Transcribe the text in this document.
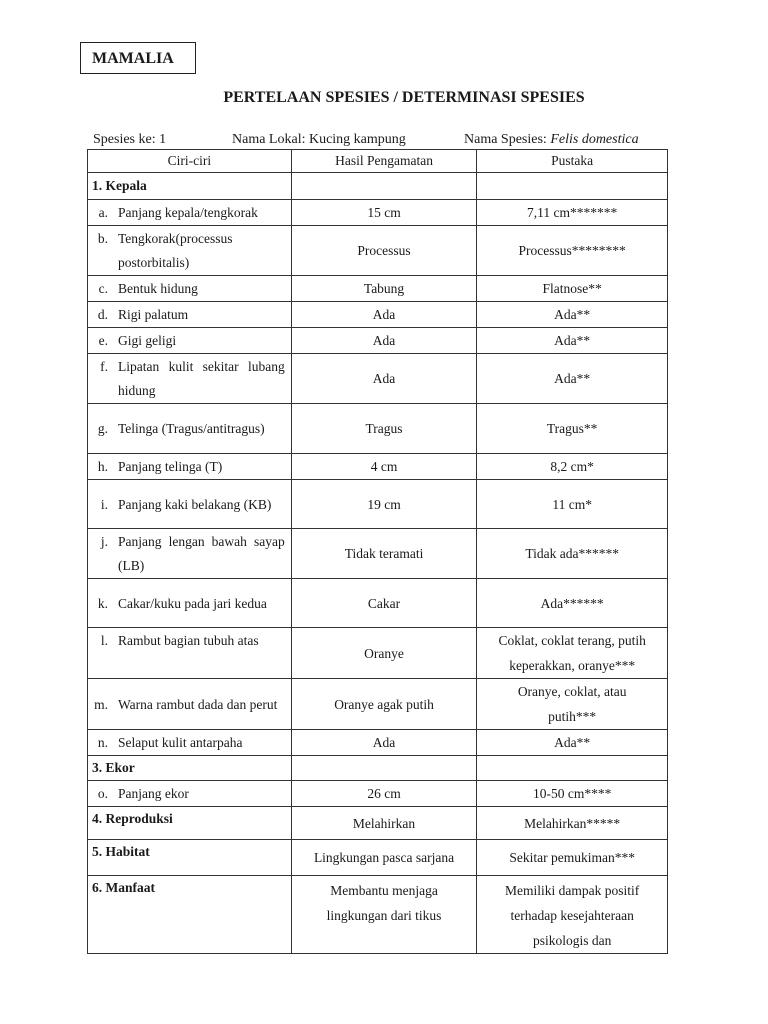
MAMALIA
PERTELAAN SPESIES / DETERMINASI SPESIES
Spesies ke: 1	Nama Lokal: Kucing kampung	Nama Spesies: Felis domestica
Ciri-ciri	Hasil Pengamatan	Pustaka
1. Kepala		

a. Panjang kepala/tengkorak	15 cm	7,11 cm*******

b. Tengkorak(processus postorbitalis)	Processus	Processus********

c. Bentuk hidung	Tabung	Flatnose**

d. Rigi palatum	Ada	Ada**

e. Gigi geligi	Ada	Ada**

f. Lipatan kulit sekitar lubang hidung	Ada	Ada**

g. Telinga (Tragus/antitragus)	Tragus	Tragus**

h. Panjang telinga (T)	4 cm	8,2 cm*

i. Panjang kaki belakang (KB)	19 cm	11 cm*

j. Panjang lengan bawah sayap (LB)	Tidak teramati	Tidak ada******

k. Cakar/kuku pada jari kedua	Cakar	Ada******

l. Rambut bagian tubuh atas	Oranye	Coklat, coklat terang, putih keperakkan, oranye***

m. Warna rambut dada dan perut	Oranye agak putih	Oranye, coklat, atau putih***

n. Selaput kulit antarpaha	Ada	Ada**
3. Ekor		

o. Panjang ekor	26 cm	10-50 cm****
4. Reproduksi	Melahirkan	Melahirkan*****
5. Habitat	Lingkungan pasca sarjana	Sekitar pemukiman***
6. Manfaat	Membantu menjaga lingkungan dari tikus	Memiliki dampak positif terhadap kesejahteraan psikologis dan
